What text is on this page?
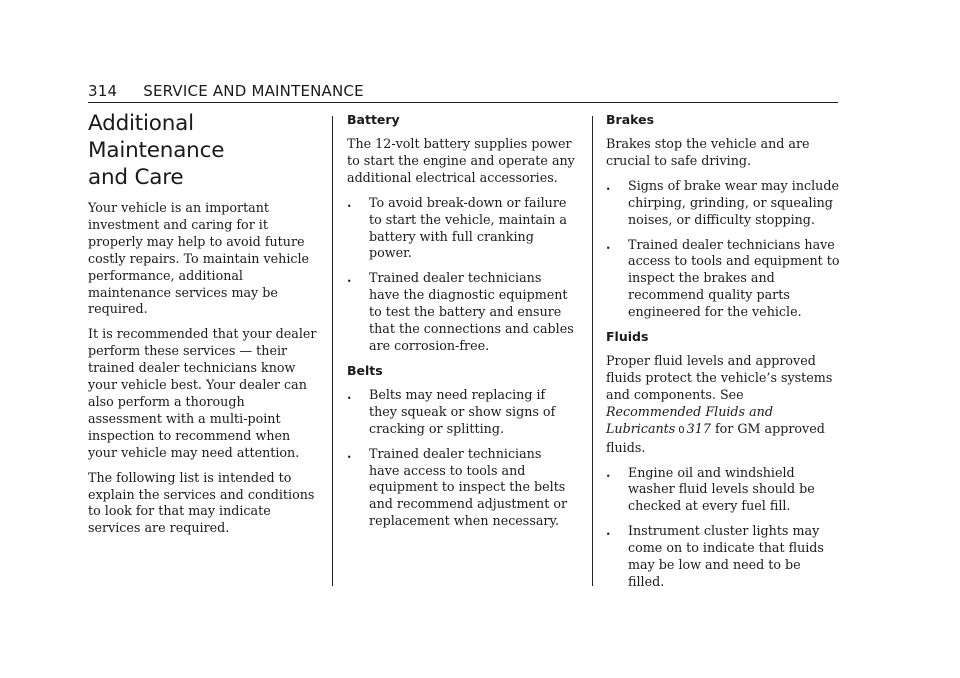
314 SERVICE AND MAINTENANCE
Additional Maintenance
and Care

Your vehicle is an important investment and caring for it properly may help to avoid future costly repairs. To maintain vehicle performance, additional maintenance services may be required.

It is recommended that your dealer perform these services — their trained dealer technicians know your vehicle best. Your dealer can also perform a thorough assessment with a multi-point inspection to recommend when your vehicle may need attention.

The following list is intended to explain the services and conditions to look for that may indicate services are required.

Battery

The 12-volt battery supplies power to start the engine and operate any additional electrical accessories.

. To avoid break-down or failure to start the vehicle, maintain a battery with full cranking power.
. Trained dealer technicians have the diagnostic equipment to test the battery and ensure that the connections and cables are corrosion-free.
Belts
. Belts may need replacing if they squeak or show signs of cracking or splitting.
. Trained dealer technicians have access to tools and equipment to inspect the belts and recommend adjustment or replacement when necessary.
Brakes

Brakes stop the vehicle and are crucial to safe driving.

. Signs of brake wear may include chirping, grinding, or squealing noises, or difficulty stopping.
. Trained dealer technicians have access to tools and equipment to inspect the brakes and recommend quality parts engineered for the vehicle.
Fluids

Proper fluid levels and approved fluids protect the vehicle’s systems and components. See Recommended Fluids and Lubricants 0 317 for GM approved fluids.

. Engine oil and windshield washer fluid levels should be checked at every fuel fill.
. Instrument cluster lights may come on to indicate that fluids may be low and need to be filled.
